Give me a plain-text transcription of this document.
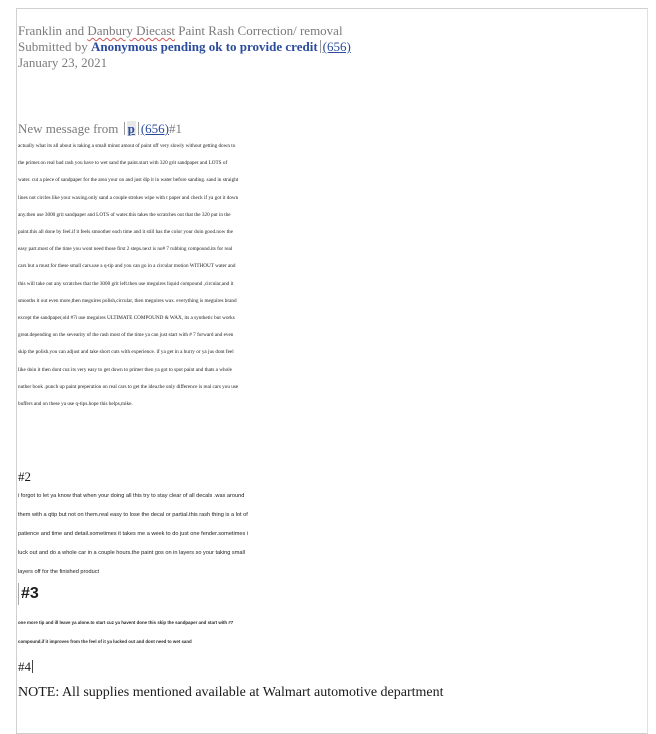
Franklin and Danbury Diecast Paint Rash Correction/ removal
Submitted by Anonymous pending ok to provide credit (656)
January 23, 2021
New message from p (656)#1

actually what its all about is taking a small minut amout of paint off very slowly without getting down to

the primer.on real bad rash you have to wet sand the paint.start with 320 grit sandpaper and LOTS of

water. cut a piece of sandpaper for the area your on and just dip it in water before sanding. sand in straight

lines not circles like your waxing.only sand a couple strokes wipe with t paper and check if ya got it down

any.then use 3000 grit sandpaper and LOTS of water.this takes the scratches out that the 320 put in the

paint.this all done by feel.if it feels smoother each time and it still has the color your doin good.now the

easy part.most of the time you wont need those first 2 steps.next is no# 7 rubbing compound.its for real

cars but a must for these small cars.use a q-tip and you can go in a circular motion WITHOUT water and

this will take out any scratches that the 3000 grit left.then use meguires liquid compound ,circular,and it

smooths it out even more,then meguires polish,circular, then meguires wax. everything is meguires brand

except the sandpaper,old #7i use meguires ULTIMATE COMPOUND & WAX, its a synthetic but works

great.depending on the sevearity of the rash most of the time ya can just start with # 7 forward and even

skip the polish.you can adjust and take short cuts with experience. if ya get in a hurry or ya jus dont feel

like doin it then dont cuz its very easy to get down to primer then ya got to spot paint and thats a whole

nuther book .punch up paint preperation on real cars to get the idea.the only difference is real cars you use

buffers and on these ya use q-tips.hope this helps,mike.

#2

i forgot to let ya know that when your doing all this try to stay clear of all decals .wax around

them with a qtip but not on them.real easy to lose the decal or partial.this rash thing is a lot of

patience and time and detail.sometimes it takes me a week to do just one fender.sometimes i

luck out and do a whole car in a couple hours.the paint gos on in layers so your taking small

layers off for the finished product

#3

one more tip and ill leave ya alone.to start cuz ya havent done this skip the sandpaper and start with #7

compound.if it improves from the feel of it ya lucked out and dont need to wet sand

#4
NOTE: All supplies mentioned available at Walmart automotive department
